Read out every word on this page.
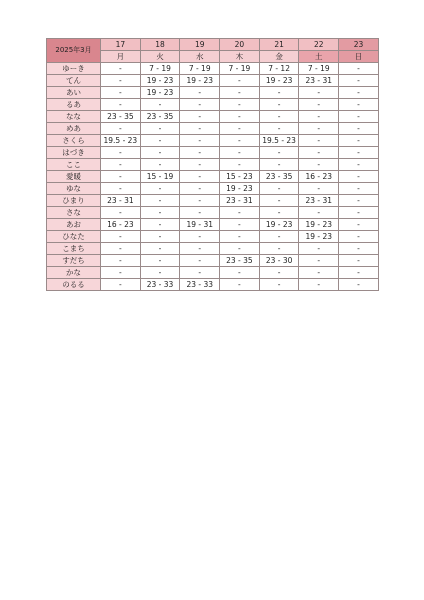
2025年3月	17	18	19	20	21	22	23
	月	火	水	木	金	土	日
ゆーき	-	7 - 19	7 - 19	7 - 19	7 - 12	7 - 19	-
てん	-	19 - 23	19 - 23	-	19 - 23	23 - 31	-
あい	-	19 - 23	-	-	-	-	-
るあ	-	-	-	-	-	-	-
なな	23 - 35	23 - 35	-	-	-	-	-
めあ	-	-	-	-	-	-	-
さくら	19.5 - 23	-	-	-	19.5 - 23	-	-
はづき	-	-	-	-	-	-	-
ここ	-	-	-	-	-	-	-
愛暖	-	15 - 19	-	15 - 23	23 - 35	16 - 23	-
ゆな	-	-	-	19 - 23	-	-	-
ひまり	23 - 31	-	-	23 - 31	-	23 - 31	-
さな	-	-	-	-	-	-	-
あお	16 - 23	-	19 - 31	-	19 - 23	19 - 23	-
ひなた	-	-	-	-	-	19 - 23	-
こまち	-	-	-	-	-	-	-
すだち	-	-	-	23 - 35	23 - 30	-	-
かな	-	-	-	-	-	-	-
のるる	-	23 - 33	23 - 33	-	-	-	-
